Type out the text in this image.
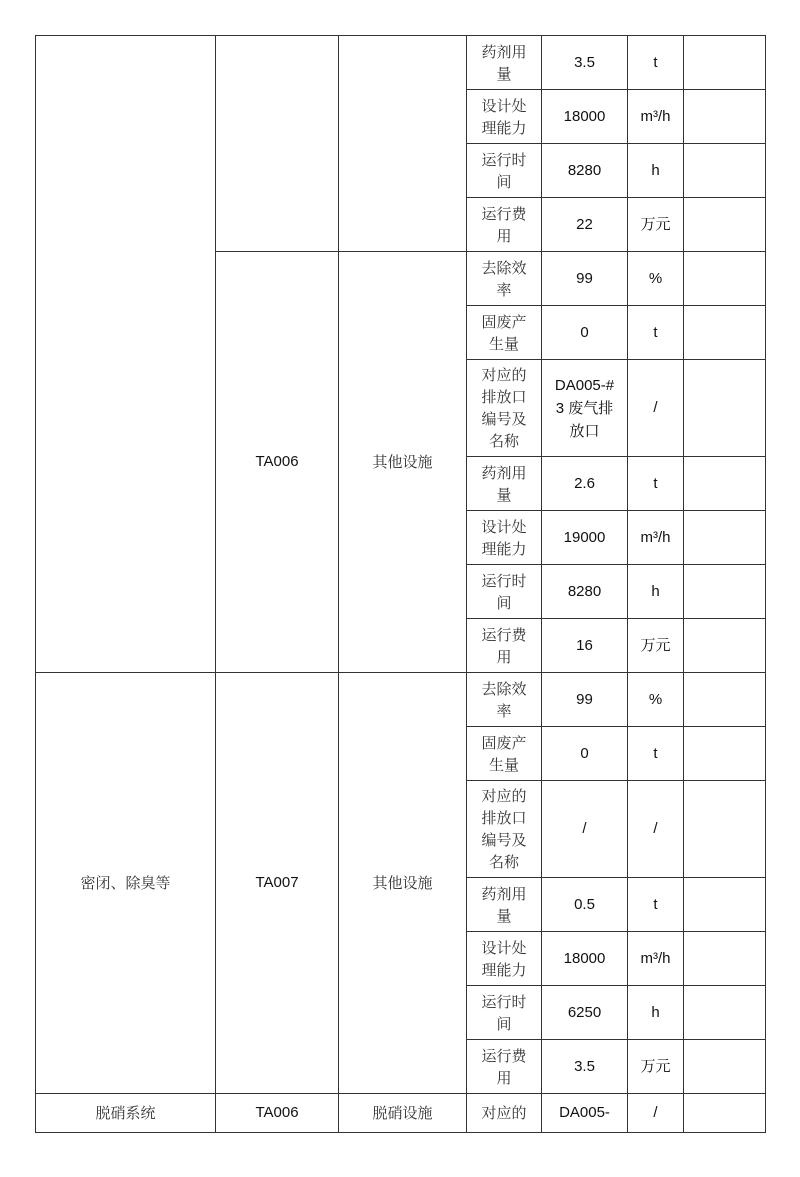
			药剂用量	3.5	t	
			设计处理能力	18000	m³/h	
			运行时间	8280	h	
			运行费用	22	万元	
	TA006	其他设施	去除效率	99	%	
			固废产生量	0	t	
			对应的排放口编号及名称	DA005-#3 废气排放口	/	
			药剂用量	2.6	t	
			设计处理能力	19000	m³/h	
			运行时间	8280	h	
			运行费用	16	万元	
密闭、除臭等	TA007	其他设施	去除效率	99	%	
			固废产生量	0	t	
			对应的排放口编号及名称	/	/	
			药剂用量	0.5	t	
			设计处理能力	18000	m³/h	
			运行时间	6250	h	
			运行费用	3.5	万元	
脱硝系统	TA006	脱硝设施	对应的	DA005-	/	
